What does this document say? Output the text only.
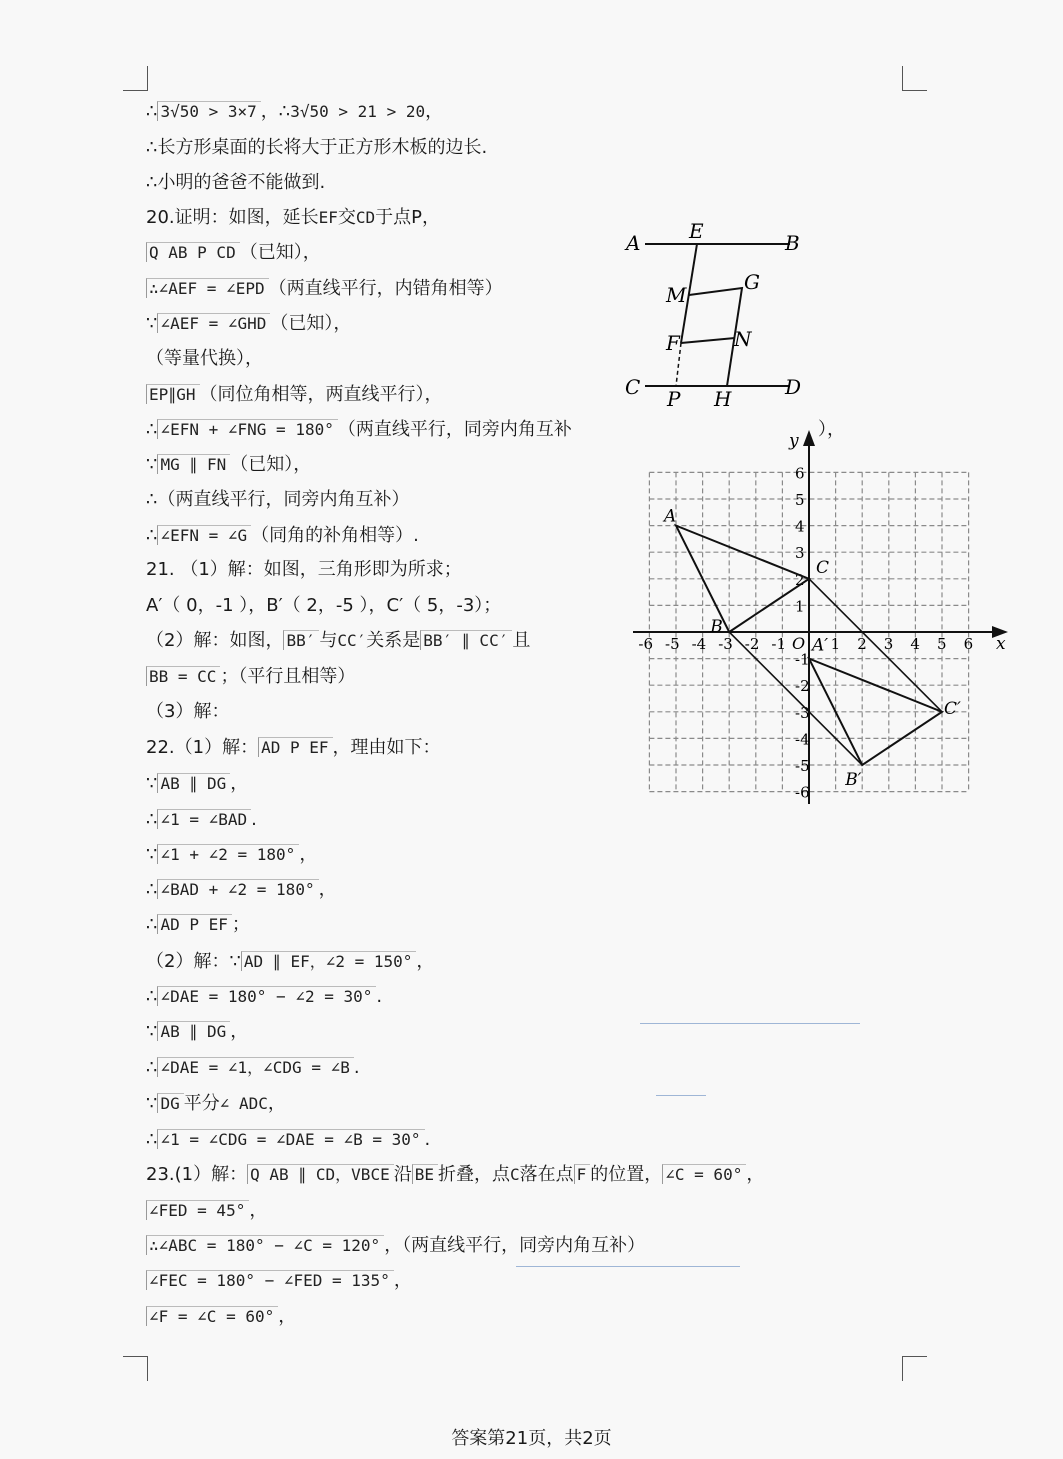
∴ 3√50 > 3×7 ，∴3√50 > 21 > 20，
∴长方形桌面的长将大于正方形木板的边长.
∴小明的爸爸不能做到.
20.证明：如图，延长EF交CD于点P，
Q AB P CD （已知），
∴∠AEF = ∠EPD （两直线平行，内错角相等）
∵ ∠AEF = ∠GHD （已知），
（等量代换），
EP∥GH （同位角相等，两直线平行），
∴ ∠EFN + ∠FNG = 180° （两直线平行，同旁内角互补
∵ MG ∥ FN （已知），
∴（两直线平行，同旁内角互补）
∴ ∠EFN = ∠G （同角的补角相等）.
21. （1）解：如图，三角形即为所求；
A′（ 0，-1 ），B′（ 2，-5 ），C′（ 5，-3）；
（2）解：如图， BB′ 与CC′关系是 BB′ ∥ CC′ 且
BB = CC ；（平行且相等）
（3）解：
22.（1）解： AD P EF ，理由如下：
∵ AB ∥ DG ，
∴ ∠1 = ∠BAD .
∵ ∠1 + ∠2 = 180° ，
∴ ∠BAD + ∠2 = 180° ，
∴ AD P EF ；
（2）解：∵ AD ∥ EF，∠2 = 150° ，
∴ ∠DAE = 180° − ∠2 = 30° .
∵ AB ∥ DG ，
∴ ∠DAE = ∠1，∠CDG = ∠B .
∵ DG 平分∠ ADC，
∴ ∠1 = ∠CDG = ∠DAE = ∠B = 30° .
23.(1）解： Q AB ∥ CD，VBCE 沿 BE 折叠，点C落在点 F 的位置， ∠C = 60° ，
∠FED = 45° ，
∴∠ABC = 180° − ∠C = 120° ，（两直线平行，同旁内角互补）
∠FEC = 180° − ∠FED = 135° ，
∠F = ∠C = 60° ，
A	B
E
M
G
F	N
C	D
P H
），
x
y
O
-6 -5 -4 -3 -2 -1	1 2 3 4 5 6
6
5
4
3
2
1
-1
-2
-3
-4
-5
-6
A
B
C
A′
B′
C′
答案第21页，共2页
